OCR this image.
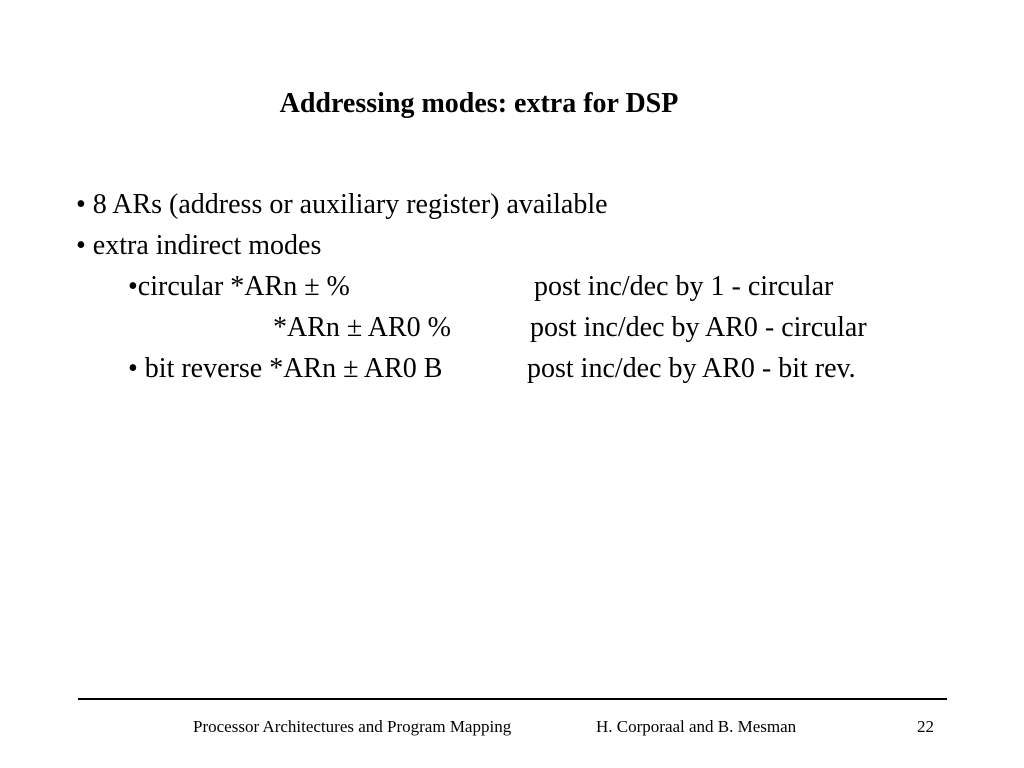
Addressing modes: extra for DSP
• 8 ARs (address or auxiliary register) available
• extra indirect modes
•circular *ARn ± %	post inc/dec by 1 - circular
*ARn ± AR0 %	post inc/dec by AR0 - circular
• bit reverse *ARn ± AR0 B	post inc/dec by AR0 - bit rev.
Processor Architectures and Program Mapping	H. Corporaal and B. Mesman	22
